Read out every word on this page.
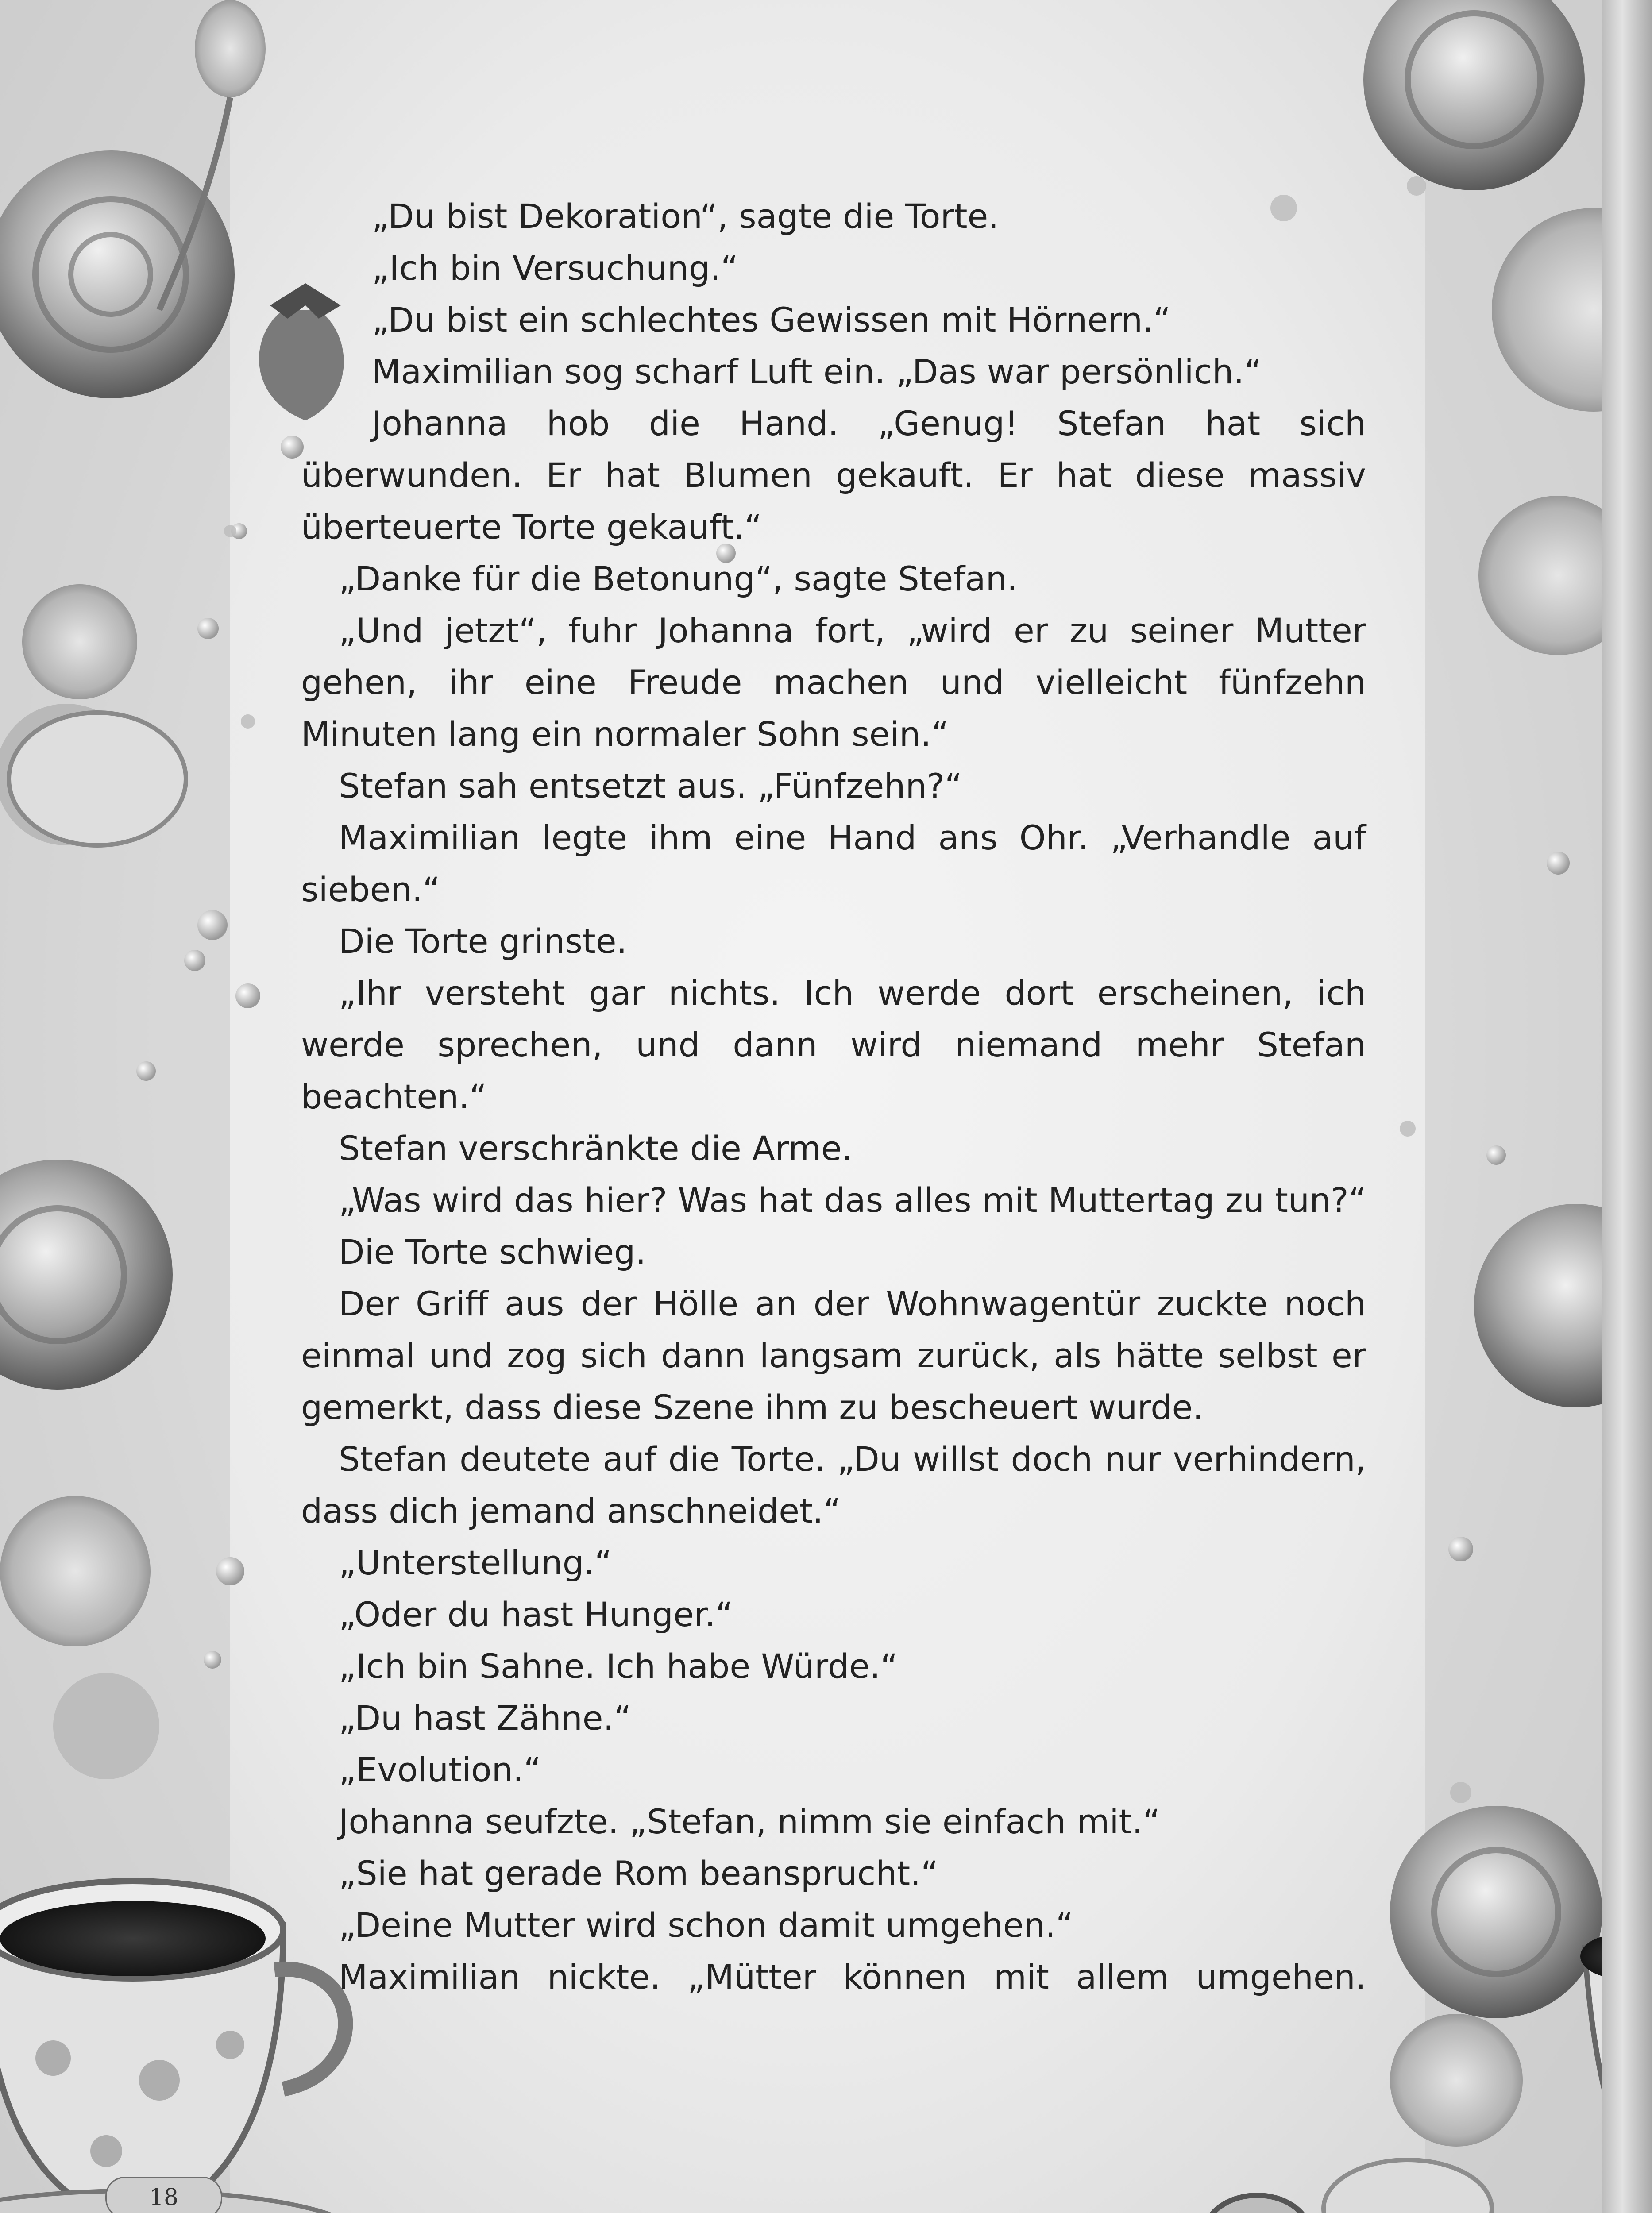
„Du bist Dekoration“, sagte die Torte.

„Ich bin Versuchung.“

„Du bist ein schlechtes Gewissen mit Hörnern.“

Maximilian sog scharf Luft ein. „Das war persönlich.“

Johanna hob die Hand. „Genug! Stefan hat sich überwunden. Er hat Blumen gekauft. Er hat diese massiv überteuerte Torte gekauft.“

„Danke für die Betonung“, sagte Stefan.

„Und jetzt“, fuhr Johanna fort, „wird er zu seiner Mutter gehen, ihr eine Freude machen und vielleicht fünfzehn Minuten lang ein normaler Sohn sein.“

Stefan sah entsetzt aus. „Fünfzehn?“

Maximilian legte ihm eine Hand ans Ohr. „Verhandle auf sieben.“

Die Torte grinste.

„Ihr versteht gar nichts. Ich werde dort erscheinen, ich werde sprechen, und dann wird niemand mehr Stefan beachten.“

Stefan verschränkte die Arme.

„Was wird das hier? Was hat das alles mit Muttertag zu tun?“

Die Torte schwieg.

Der Griff aus der Hölle an der Wohnwagentür zuckte noch einmal und zog sich dann langsam zurück, als hätte selbst er gemerkt, dass diese Szene ihm zu bescheuert wurde.

Stefan deutete auf die Torte. „Du willst doch nur verhindern, dass dich jemand anschneidet.“

„Unterstellung.“

„Oder du hast Hunger.“

„Ich bin Sahne. Ich habe Würde.“

„Du hast Zähne.“

„Evolution.“

Johanna seufzte. „Stefan, nimm sie einfach mit.“

„Sie hat gerade Rom beansprucht.“

„Deine Mutter wird schon damit umgehen.“

Maximilian nickte. „Mütter können mit allem umgehen.

18
